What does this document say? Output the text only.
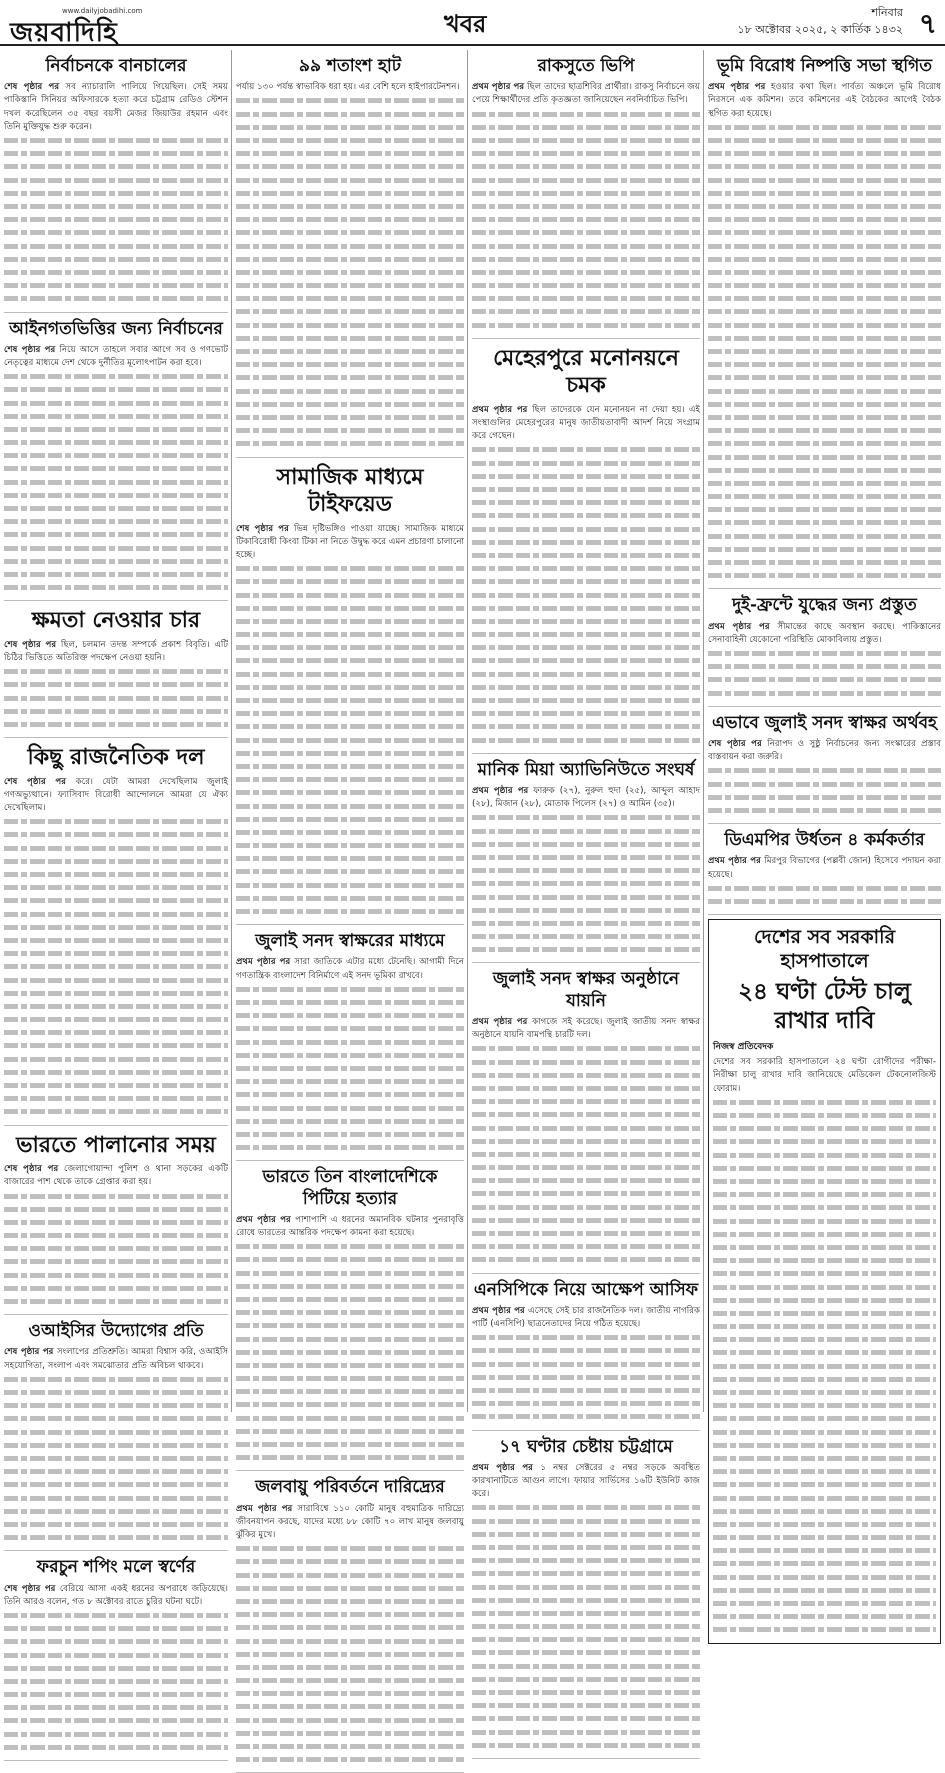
জয়বাদিহি
www.dailyjobadihi.com	খবর	শনিবার
১৮ অক্টোবর ২০২৫, ২ কার্তিক ১৪৩২ ৭
নির্বাচনকে বানচালের

শেষ পৃষ্ঠার পর সব ন্যাচারালি পালিয়ে গিয়েছিল। সেই সময় পাকিস্তানি সিনিয়র অফিসারকে হত্যা করে চট্টগ্রাম রেডিও স্টেশন দখল করেছিলেন ৩৫ বছর বয়সী মেজর জিয়াউর রহমান এবং তিনি মুক্তিযুদ্ধ শুরু করেন।

আইনগতভিত্তির জন্য নির্বাচনের

শেষ পৃষ্ঠার পর নিয়ে আসে তাহলে সবার আগে সব ও গণভোট নেতৃত্বের মাধ্যমে দেশ থেকে দুর্নীতির মূলোৎপাটন করা হবে।

ক্ষমতা নেওয়ার চার

শেষ পৃষ্ঠার পর ছিল, চলমান তদন্ত সম্পর্কে প্রকাশ বিবৃতি। এটি চিঠির ভিত্তিতে অতিরিক্ত পদক্ষেপ নেওয়া হয়নি।

কিছু রাজনৈতিক দল

শেষ পৃষ্ঠার পর করে। যেটা আমরা দেখেছিলাম জুলাই গণঅভ্যুত্থানে। ফ্যাসিবাদ বিরোধী আন্দোলনে আমরা যে ঐক্য দেখেছিলাম।

ভারতে পালানোর সময়

শেষ পৃষ্ঠার পর জেলাগোয়ান্দা পুলিশ ও থানা সড়কের একটি বাজারের পাশ থেকে তাকে গ্রেপ্তার করা হয়।

ওআইসির উদ্যোগের প্রতি

শেষ পৃষ্ঠার পর সংলাপের প্রতিশ্রুতি। আমরা বিশ্বাস করি, ওআইসি সহযোগিতা, সংলাপ এবং সমঝোতার প্রতি অবিচল থাকবে।

ফরচুন শপিং মলে স্বর্ণের

শেষ পৃষ্ঠার পর বেরিয়ে আসা একই ধরনের অপরাধে জড়িয়েছে। তিনি আরও বলেন, গত ৮ অক্টোবর রাতে চুরির ঘটনা ঘটে।

৯৯ শতাংশ হাট

পর্যায় ১৩০ পর্যন্ত স্বাভাবিক ধরা হয়। এর বেশি হলে হাইপারটেনশন।

সামাজিক মাধ্যমে টাইফয়েড

শেষ পৃষ্ঠার পর ভিন্ন দৃষ্টিভঙ্গিও পাওয়া যাচ্ছে। সামাজিক মাধ্যমে টিকাবিরোধী কিংবা টিকা না নিতে উদ্বুদ্ধ করে এমন প্রচারণা চালানো হচ্ছে।

জুলাই সনদ স্বাক্ষরের মাধ্যমে

প্রথম পৃষ্ঠার পর সারা জাতিকে এটার মধ্যে টেনেছি। আগামী দিনে গণতান্ত্রিক বাংলাদেশ বিনির্মাণে এই সনদ ভূমিকা রাখবে।

ভারতে তিন বাংলাদেশিকে পিটিয়ে হত্যার

প্রথম পৃষ্ঠার পর পাশাপাশি এ ধরনের অমানবিক ঘটনার পুনরাবৃত্তি রোধে ভারতের আন্তরিক পদক্ষেপ কামনা করা হয়েছে।

জলবায়ু পরিবর্তনে দারিদ্র্যের

প্রথম পৃষ্ঠার পর সারাবিশ্বে ১১০ কোটি মানুষ বহুমাত্রিক দারিদ্র্যে জীবনযাপন করছে, যাদের মধ্যে ৮৮ কোটি ৭০ লাখ মানুষ জলবায়ু ঝুঁকির মুখে।

রাকসুতে ভিপি

প্রথম পৃষ্ঠার পর ছিল তাদের ছাত্রশিবির প্রার্থীরা। রাকসু নির্বাচনে জয় পেয়ে শিক্ষার্থীদের প্রতি কৃতজ্ঞতা জানিয়েছেন নবনির্বাচিত ভিপি।

মেহেরপুরে মনোনয়নে চমক

প্রথম পৃষ্ঠার পর ছিল তাদেরকে যেন মনোনয়ন না দেয়া হয়। এই সংস্থাগুলির মেহেরপুরের মানুষ জাতীয়তাবাদী আদর্শ নিয়ে সংগ্রাম করে গেছেন।

মানিক মিয়া অ্যাভিনিউতে সংঘর্ষ

প্রথম পৃষ্ঠার পর ফারুক (২৭), নুরুল হুদা (২৫), আব্দুল আহাদ (২৮), মিজান (২৮), মোতাক পিলেস (২৭) ও আমিন (৩৫)।

জুলাই সনদ স্বাক্ষর অনুষ্ঠানে যায়নি

প্রথম পৃষ্ঠার পর কাগজে সই করেছে। জুলাই জাতীয় সনদ স্বাক্ষর অনুষ্ঠানে যায়নি বামপন্থি চারটি দল।

এনসিপিকে নিয়ে আক্ষেপ আসিফ

প্রথম পৃষ্ঠার পর এসেছে সেই চার রাজনৈতিক দল। জাতীয় নাগরিক পার্টি (এনসিপি) ছাত্রনেতাদের নিয়ে গঠিত হয়েছে।

১৭ ঘণ্টার চেষ্টায় চট্টগ্রামে

প্রথম পৃষ্ঠার পর ১ নম্বর সেক্টরের ৫ নম্বর সড়কে অবস্থিত কারখানাটিতে আগুন লাগে। ফায়ার সার্ভিসের ১৬টি ইউনিট কাজ করে।

ভূমি বিরোধ নিষ্পত্তি সভা স্থগিত

প্রথম পৃষ্ঠার পর হওয়ার কথা ছিল। পার্বত্য অঞ্চলে ভূমি বিরোধ নিরসনে এক কমিশন। তবে কমিশনের এই বৈঠকের আগেই বৈঠক স্থগিত করা হয়েছে।

দুই-ফ্রন্টে যুদ্ধের জন্য প্রস্তুত

প্রথম পৃষ্ঠার পর সীমান্তের কাছে অবস্থান করছে। পাকিস্তানের সেনাবাহিনী যেকোনো পরিস্থিতি মোকাবিলায় প্রস্তুত।

এভাবে জুলাই সনদ স্বাক্ষর অর্থবহ

শেষ পৃষ্ঠার পর নিরাপদ ও সুষ্ঠু নির্বাচনের জন্য সংস্কারের প্রস্তাব বাস্তবায়ন করা জরুরি।

ডিএমপির উর্ধতন ৪ কর্মকর্তার

প্রথম পৃষ্ঠার পর মিরপুর বিভাগের (পল্লবী জোন) হিসেবে পদায়ন করা হয়েছে।

দেশের সব সরকারি হাসপাতালে
২৪ ঘণ্টা টেস্ট চালু রাখার দাবি
নিজস্ব প্রতিবেদক

দেশের সব সরকারি হাসপাতালে ২৪ ঘণ্টা রোগীদের পরীক্ষা-নিরীক্ষা চালু রাখার দাবি জানিয়েছে মেডিকেল টেকনোলজিস্ট ফোরাম।
